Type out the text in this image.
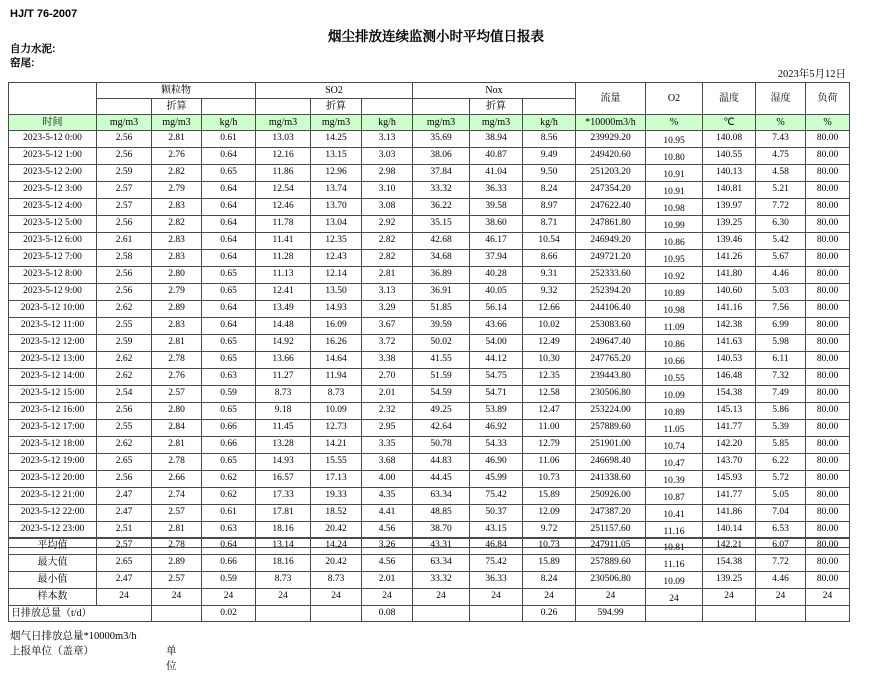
HJ/T 76-2007
烟尘排放连续监测小时平均值日报表
自力水泥:
窑尾:
2023年5月12日
	颗粒物			SO2			Nox			流量	O2	温度	湿度	负荷
		折算			折算			折算						
时间	mg/m3	mg/m3	kg/h	mg/m3	mg/m3	kg/h	mg/m3	mg/m3	kg/h	*10000m3/h	%	℃	%	%
2023-5-12 0:00	2.56	2.81	0.61	13.03	14.25	3.13	35.69	38.94	8.56	239929.20	10.95	140.08	7.43	80.00
2023-5-12 1:00	2.56	2.76	0.64	12.16	13.15	3.03	38.06	40.87	9.49	249420.60	10.80	140.55	4.75	80.00
2023-5-12 2:00	2.59	2.82	0.65	11.86	12.96	2.98	37.84	41.04	9.50	251203.20	10.91	140.13	4.58	80.00
2023-5-12 3:00	2.57	2.79	0.64	12.54	13.74	3.10	33.32	36.33	8.24	247354.20	10.91	140.81	5.21	80.00
2023-5-12 4:00	2.57	2.83	0.64	12.46	13.70	3.08	36.22	39.58	8.97	247622.40	10.98	139.97	7.72	80.00
2023-5-12 5:00	2.56	2.82	0.64	11.78	13.04	2.92	35.15	38.60	8.71	247861.80	10.99	139.25	6.30	80.00
2023-5-12 6:00	2.61	2.83	0.64	11.41	12.35	2.82	42.68	46.17	10.54	246949.20	10.86	139.46	5.42	80.00
2023-5-12 7:00	2.58	2.83	0.64	11.28	12.43	2.82	34.68	37.94	8.66	249721.20	10.95	141.26	5.67	80.00
2023-5-12 8:00	2.56	2.80	0.65	11.13	12.14	2.81	36.89	40.28	9.31	252333.60	10.92	141.80	4.46	80.00
2023-5-12 9:00	2.56	2.79	0.65	12.41	13.50	3.13	36.91	40.05	9.32	252394.20	10.89	140.60	5.03	80.00
2023-5-12 10:00	2.62	2.89	0.64	13.49	14.93	3.29	51.85	56.14	12.66	244106.40	10.98	141.16	7.56	80.00
2023-5-12 11:00	2.55	2.83	0.64	14.48	16.09	3.67	39.59	43.66	10.02	253083.60	11.09	142.38	6.99	80.00
2023-5-12 12:00	2.59	2.81	0.65	14.92	16.26	3.72	50.02	54.00	12.49	249647.40	10.86	141.63	5.98	80.00
2023-5-12 13:00	2.62	2.78	0.65	13.66	14.64	3.38	41.55	44.12	10.30	247765.20	10.66	140.53	6.11	80.00
2023-5-12 14:00	2.62	2.76	0.63	11.27	11.94	2.70	51.59	54.75	12.35	239443.80	10.55	146.48	7.32	80.00
2023-5-12 15:00	2.54	2.57	0.59	8.73	8.73	2.01	54.59	54.71	12.58	230506.80	10.09	154.38	7.49	80.00
2023-5-12 16:00	2.56	2.80	0.65	9.18	10.09	2.32	49.25	53.89	12.47	253224.00	10.89	145.13	5.86	80.00
2023-5-12 17:00	2.55	2.84	0.66	11.45	12.73	2.95	42.64	46.92	11.00	257889.60	11.05	141.77	5.39	80.00
2023-5-12 18:00	2.62	2.81	0.66	13.28	14.21	3.35	50.78	54.33	12.79	251901.00	10.74	142.20	5.85	80.00
2023-5-12 19:00	2.65	2.78	0.65	14.93	15.55	3.68	44.83	46.90	11.06	246698.40	10.47	143.70	6.22	80.00
2023-5-12 20:00	2.56	2.66	0.62	16.57	17.13	4.00	44.45	45.99	10.73	241338.60	10.39	145.93	5.72	80.00
2023-5-12 21:00	2.47	2.74	0.62	17.33	19.33	4.35	63.34	75.42	15.89	250926.00	10.87	141.77	5.05	80.00
2023-5-12 22:00	2.47	2.57	0.61	17.81	18.52	4.41	48.85	50.37	12.09	247387.20	10.41	141.86	7.04	80.00
2023-5-12 23:00	2.51	2.81	0.63	18.16	20.42	4.56	38.70	43.15	9.72	251157.60	11.16	140.14	6.53	80.00

平均值	2.57	2.78	0.64	13.14	14.24	3.26	43.31	46.84	10.73	247911.05	10.81	142.21	6.07	80.00
最大值	2.65	2.89	0.66	18.16	20.42	4.56	63.34	75.42	15.89	257889.60	11.16	154.38	7.72	80.00
最小值	2.47	2.57	0.59	8.73	8.73	2.01	33.32	36.33	8.24	230506.80	10.09	139.25	4.46	80.00
样本数	24	24	24	24	24	24	24	24	24	24	24	24	24	24
日排放总量（t/d）			0.02			0.08			0.26	594.99				
烟气日排放总量*10000m3/h
上报单位（盖章）	单位
